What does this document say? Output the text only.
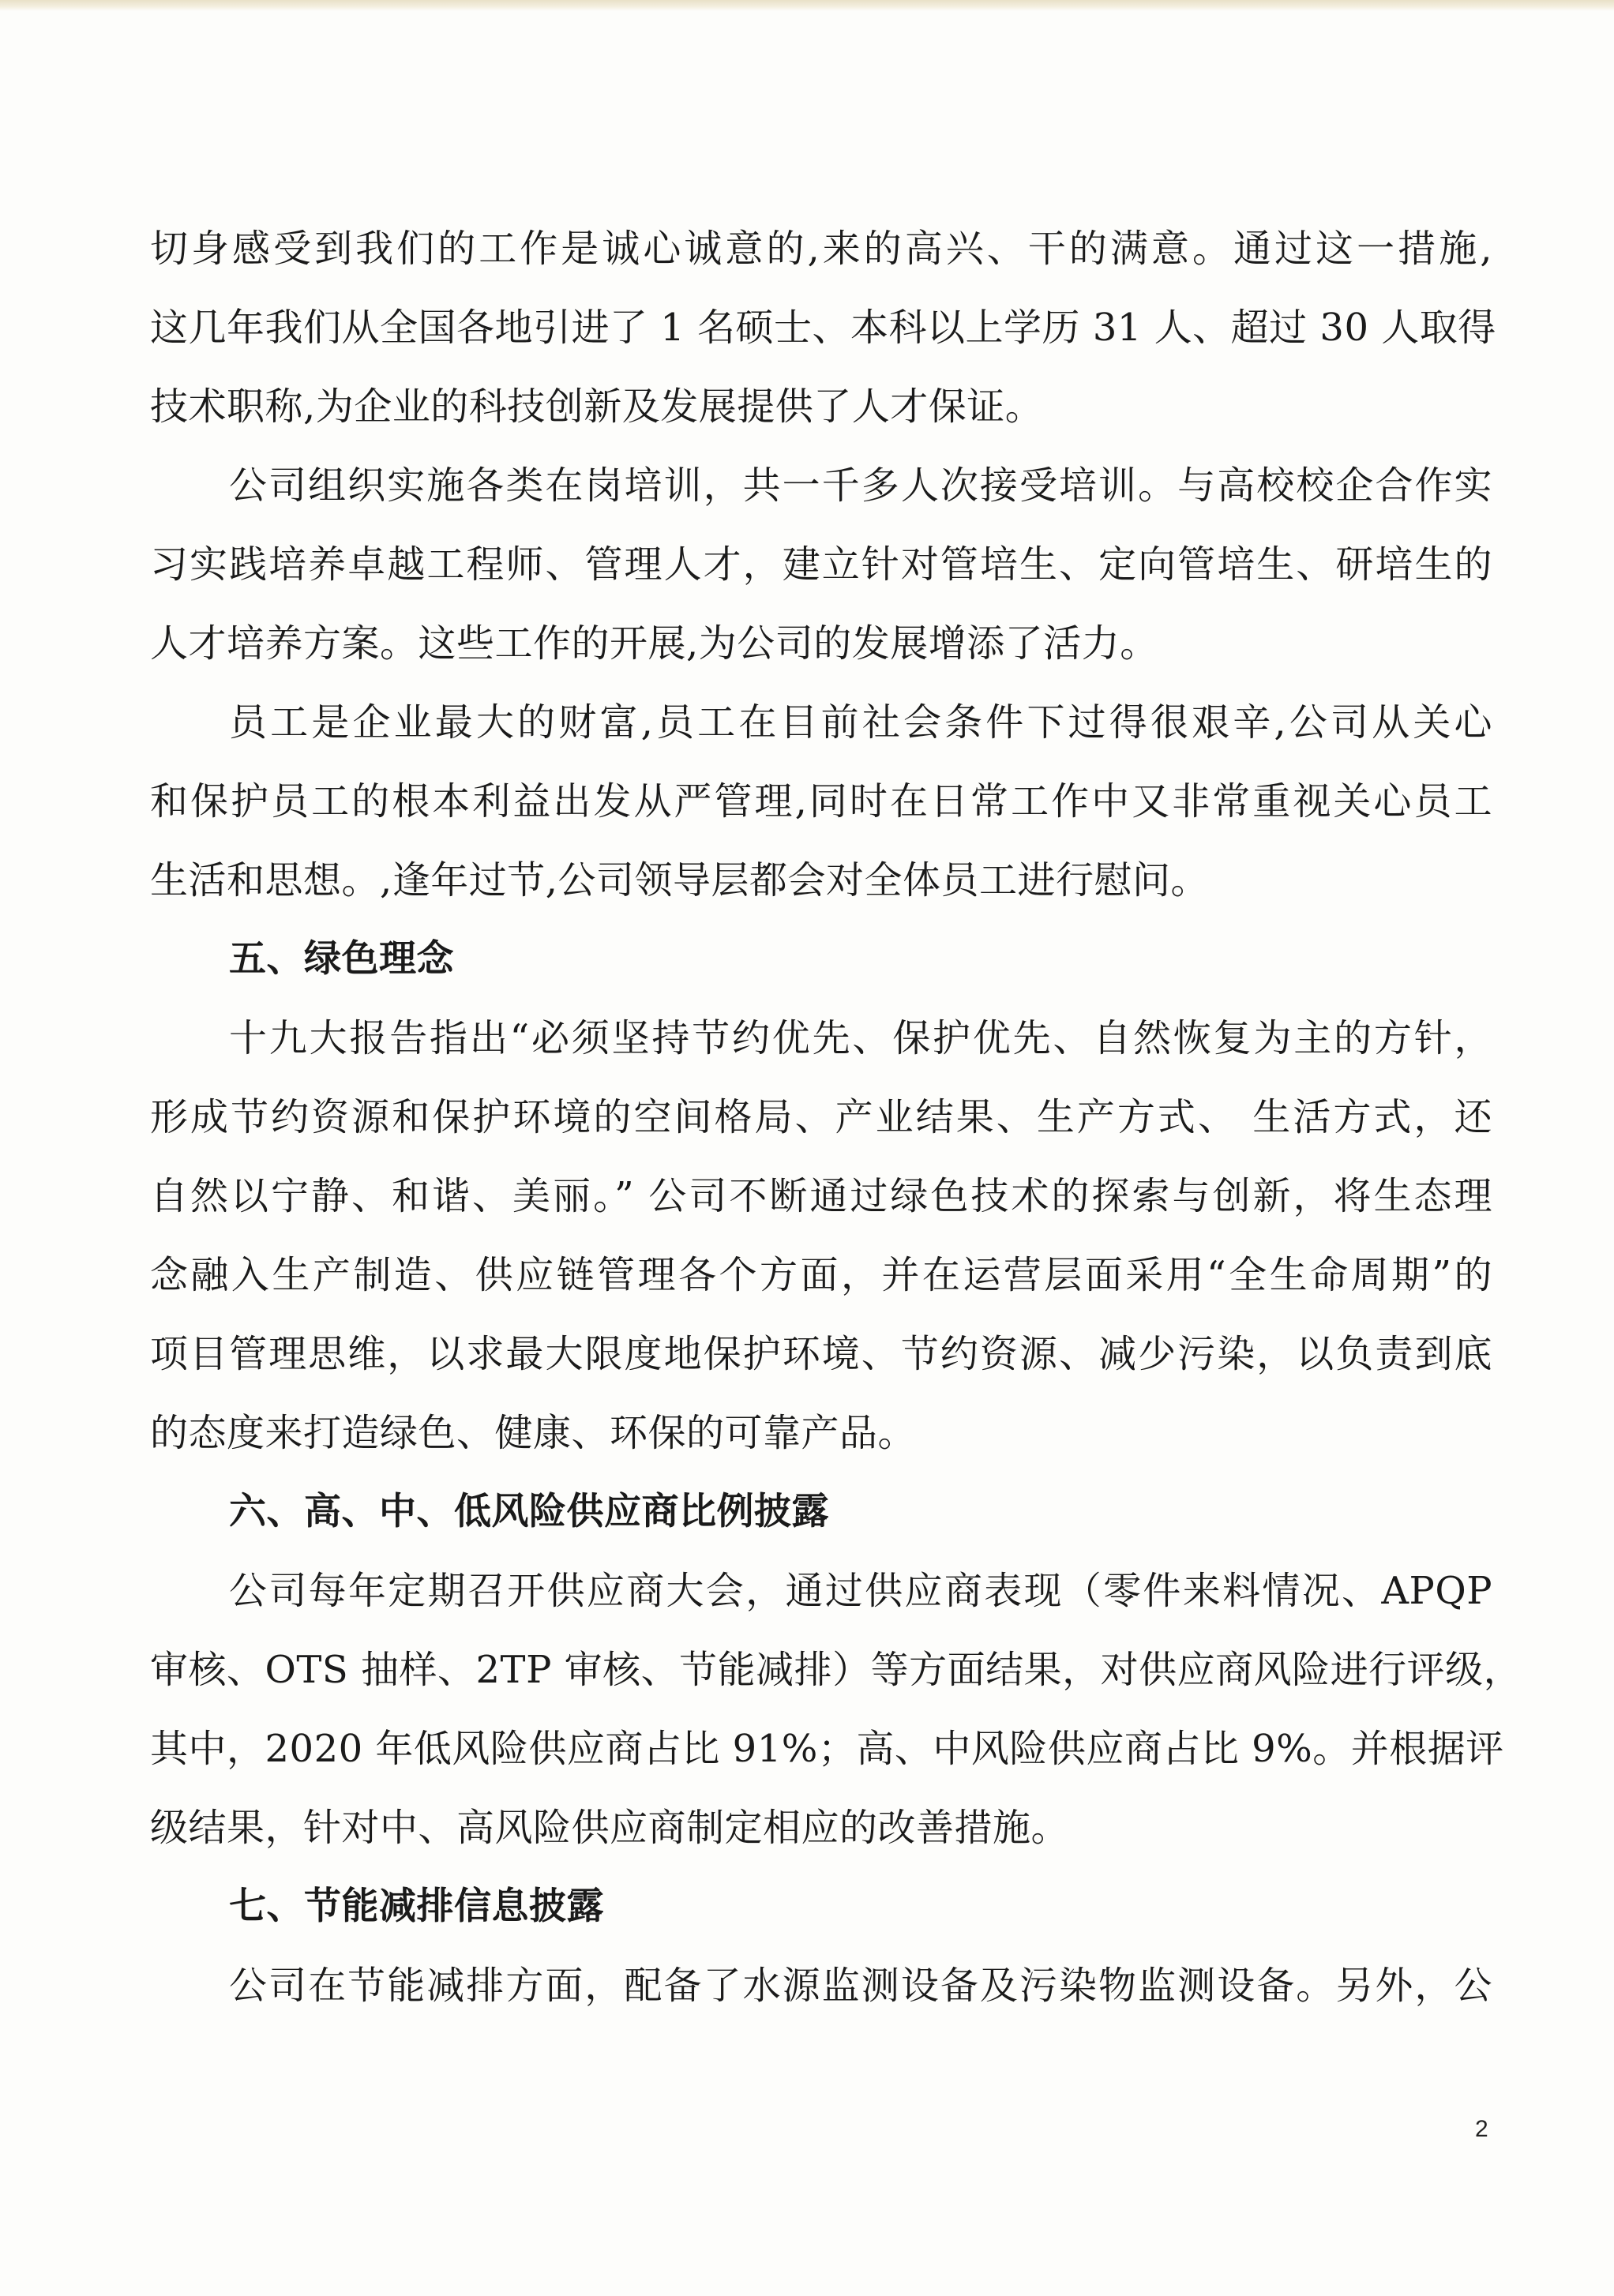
切身感受到我们的工作是诚心诚意的,来的高兴、干的满意。通过这一措施,
这几年我们从全国各地引进了 1 名硕士、本科以上学历 31 人、超过 30 人取得
技术职称,为企业的科技创新及发展提供了人才保证。
公司组织实施各类在岗培训，共一千多人次接受培训。与高校校企合作实
习实践培养卓越工程师、管理人才，建立针对管培生、定向管培生、研培生的
人才培养方案。这些工作的开展,为公司的发展增添了活力。
员工是企业最大的财富,员工在目前社会条件下过得很艰辛,公司从关心
和保护员工的根本利益出发从严管理,同时在日常工作中又非常重视关心员工
生活和思想。,逢年过节,公司领导层都会对全体员工进行慰问。
五、绿色理念
十九大报告指出“必须坚持节约优先、保护优先、自然恢复为主的方针，
形成节约资源和保护环境的空间格局、产业结果、生产方式、 生活方式，还
自然以宁静、和谐、美丽。” 公司不断通过绿色技术的探索与创新，将生态理
念融入生产制造、供应链管理各个方面，并在运营层面采用“全生命周期”的
项目管理思维，以求最大限度地保护环境、节约资源、减少污染，以负责到底
的态度来打造绿色、健康、环保的可靠产品。
六、高、中、低风险供应商比例披露
公司每年定期召开供应商大会，通过供应商表现（零件来料情况、APQP
审核、OTS 抽样、2TP 审核、节能减排）等方面结果，对供应商风险进行评级，
其中，2020 年低风险供应商占比 91%；高、中风险供应商占比 9%。并根据评
级结果，针对中、高风险供应商制定相应的改善措施。
七、节能减排信息披露
公司在节能减排方面，配备了水源监测设备及污染物监测设备。另外，公
2
